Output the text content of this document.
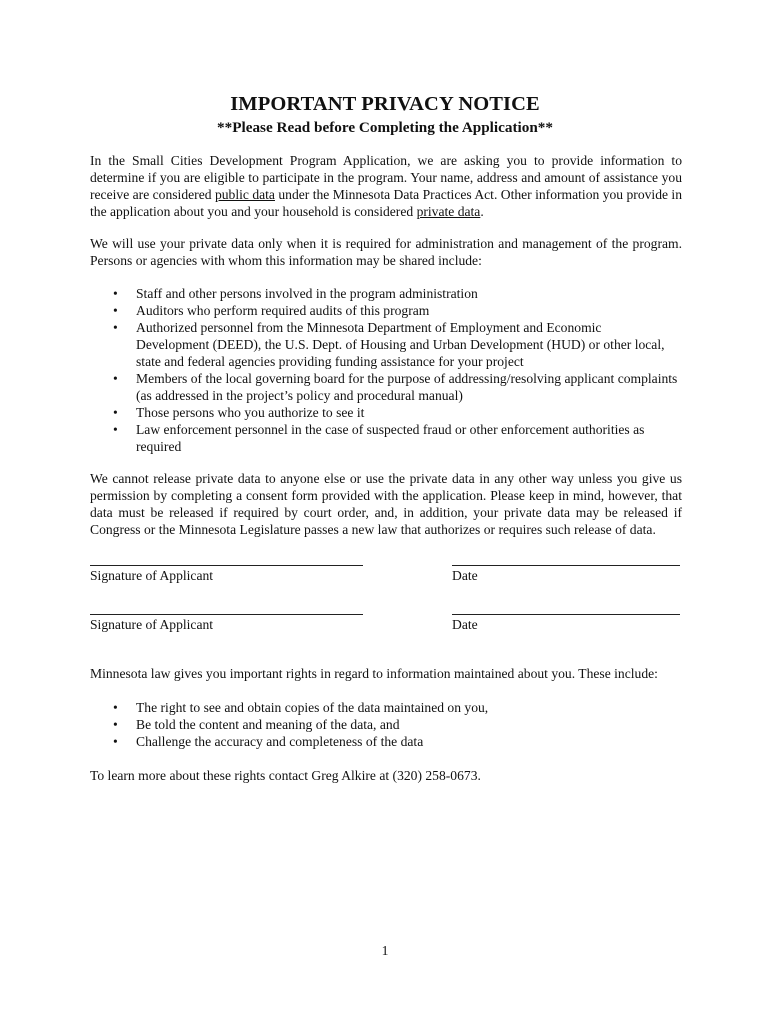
IMPORTANT PRIVACY NOTICE
**Please Read before Completing the Application**

In the Small Cities Development Program Application, we are asking you to provide information to determine if you are eligible to participate in the program. Your name, address and amount of assistance you receive are considered public data under the Minnesota Data Practices Act. Other information you provide in the application about you and your household is considered private data.

We will use your private data only when it is required for administration and management of the program. Persons or agencies with whom this information may be shared include:

• Staff and other persons involved in the program administration
• Auditors who perform required audits of this program
• Authorized personnel from the Minnesota Department of Employment and Economic Development (DEED), the U.S. Dept. of Housing and Urban Development (HUD) or other local, state and federal agencies providing funding assistance for your project
• Members of the local governing board for the purpose of addressing/resolving applicant complaints (as addressed in the project’s policy and procedural manual)
• Those persons who you authorize to see it
• Law enforcement personnel in the case of suspected fraud or other enforcement authorities as required

We cannot release private data to anyone else or use the private data in any other way unless you give us permission by completing a consent form provided with the application. Please keep in mind, however, that data must be released if required by court order, and, in addition, your private data may be released if Congress or the Minnesota Legislature passes a new law that authorizes or requires such release of data.

Signature of Applicant	Date
Signature of Applicant	Date

Minnesota law gives you important rights in regard to information maintained about you. These include:

• The right to see and obtain copies of the data maintained on you,
• Be told the content and meaning of the data, and
• Challenge the accuracy and completeness of the data

To learn more about these rights contact Greg Alkire at (320) 258-0673.

1
